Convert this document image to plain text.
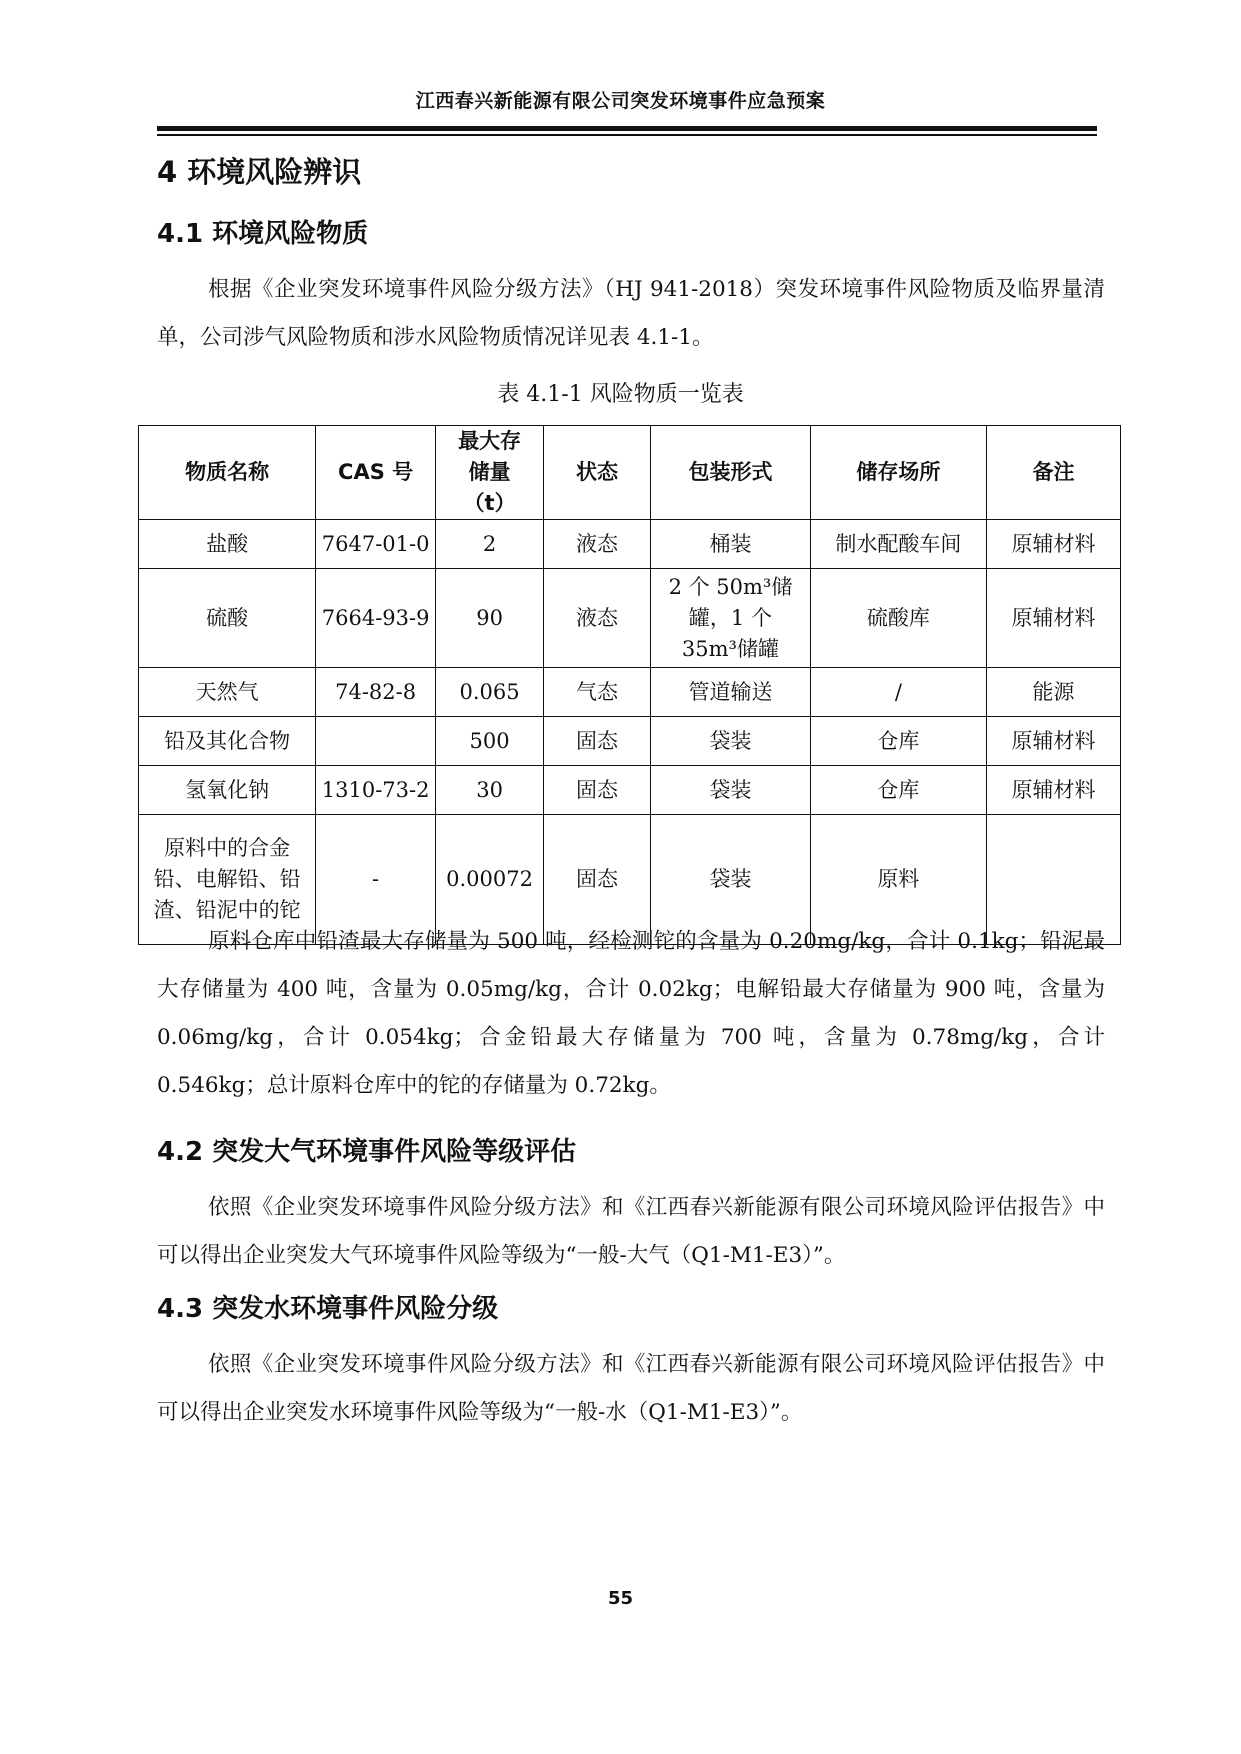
江西春兴新能源有限公司突发环境事件应急预案
4 环境风险辨识
4.1 环境风险物质
根据《企业突发环境事件风险分级方法》（HJ 941-2018）突发环境事件风险物质及临界量清单，公司涉气风险物质和涉水风险物质情况详见表 4.1-1。
表 4.1-1 风险物质一览表
物质名称	CAS 号	最大存储量（t）	状态	包装形式	储存场所	备注
盐酸	7647-01-0	2	液态	桶装	制水配酸车间	原辅材料
硫酸	7664-93-9	90	液态	2 个 50m³储罐，1 个 35m³储罐	硫酸库	原辅材料
天然气	74-82-8	0.065	气态	管道输送	/	能源
铅及其化合物		500	固态	袋装	仓库	原辅材料
氢氧化钠	1310-73-2	30	固态	袋装	仓库	原辅材料
原料中的合金铅、电解铅、铅渣、铅泥中的铊	-	0.00072	固态	袋装	原料	
原料仓库中铅渣最大存储量为 500 吨，经检测铊的含量为 0.20mg/kg，合计 0.1kg；铅泥最大存储量为 400 吨，含量为 0.05mg/kg，合计 0.02kg；电解铅最大存储量为 900 吨，含量为 0.06mg/kg，合计 0.054kg；合金铅最大存储量为 700 吨，含量为 0.78mg/kg，合计 0.546kg；总计原料仓库中的铊的存储量为 0.72kg。
4.2 突发大气环境事件风险等级评估
依照《企业突发环境事件风险分级方法》和《江西春兴新能源有限公司环境风险评估报告》中可以得出企业突发大气环境事件风险等级为“一般-大气（Q1-M1-E3）”。
4.3 突发水环境事件风险分级
依照《企业突发环境事件风险分级方法》和《江西春兴新能源有限公司环境风险评估报告》中可以得出企业突发水环境事件风险等级为“一般-水（Q1-M1-E3）”。
55
